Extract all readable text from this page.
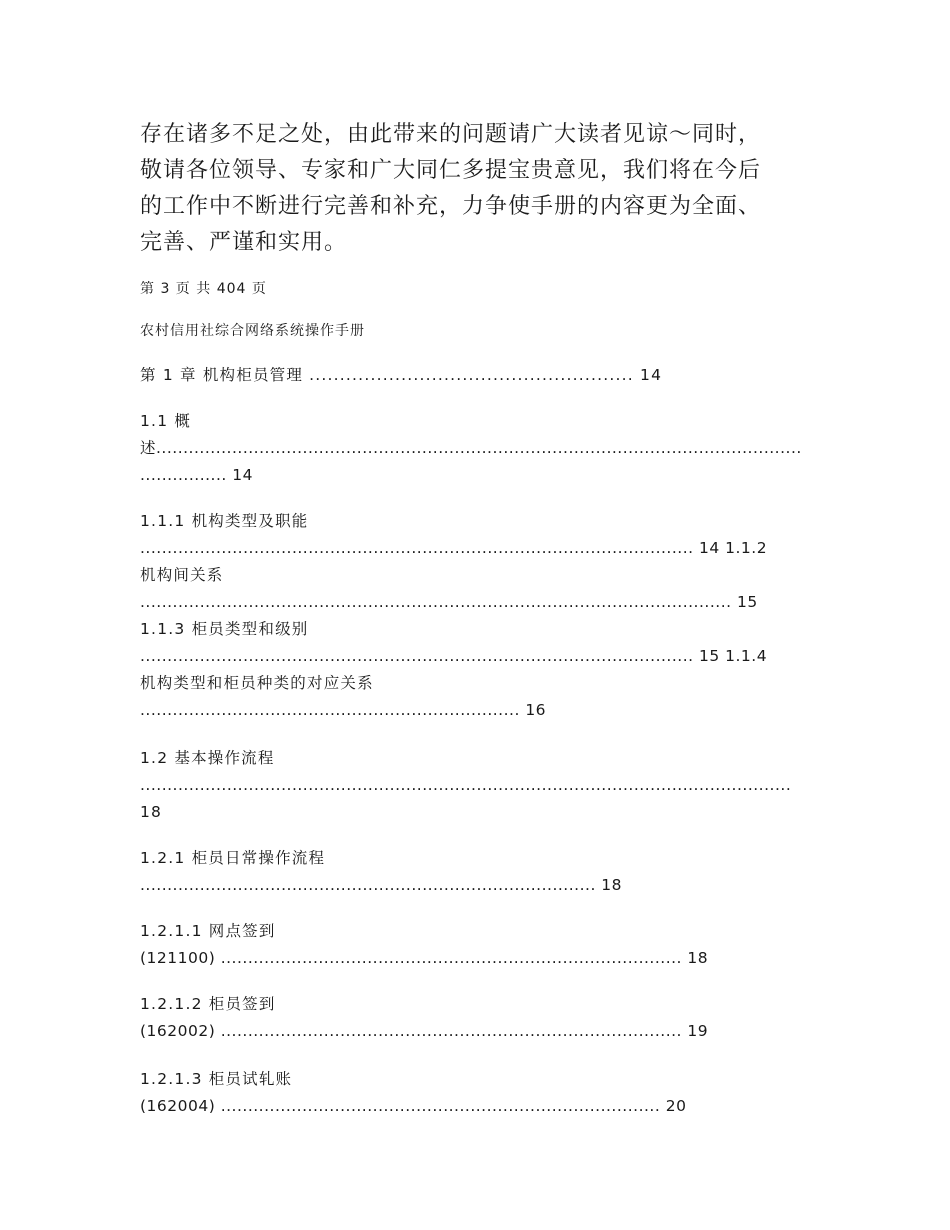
存在诸多不足之处，由此带来的问题请广大读者见谅～同时，
敬请各位领导、专家和广大同仁多提宝贵意见，我们将在今后
的工作中不断进行完善和补充，力争使手册的内容更为全面、
完善、严谨和实用。
第 3 页 共 404 页
农村信用社综合网络系统操作手册
第 1 章 机构柜员管理 ..................................................... 14
1.1 概
述.......................................................................................................................
................ 14
1.1.1 机构类型及职能
...................................................................................................... 14 1.1.2
机构间关系
............................................................................................................. 15
1.1.3 柜员类型和级别
...................................................................................................... 15 1.1.4
机构类型和柜员种类的对应关系
...................................................................... 16
1.2 基本操作流程
........................................................................................................................
18
1.2.1 柜员日常操作流程
.................................................................................... 18
1.2.1.1 网点签到
(121100) ..................................................................................... 18
1.2.1.2 柜员签到
(162002) ..................................................................................... 19
1.2.1.3 柜员试轧账
(162004) ................................................................................. 20
